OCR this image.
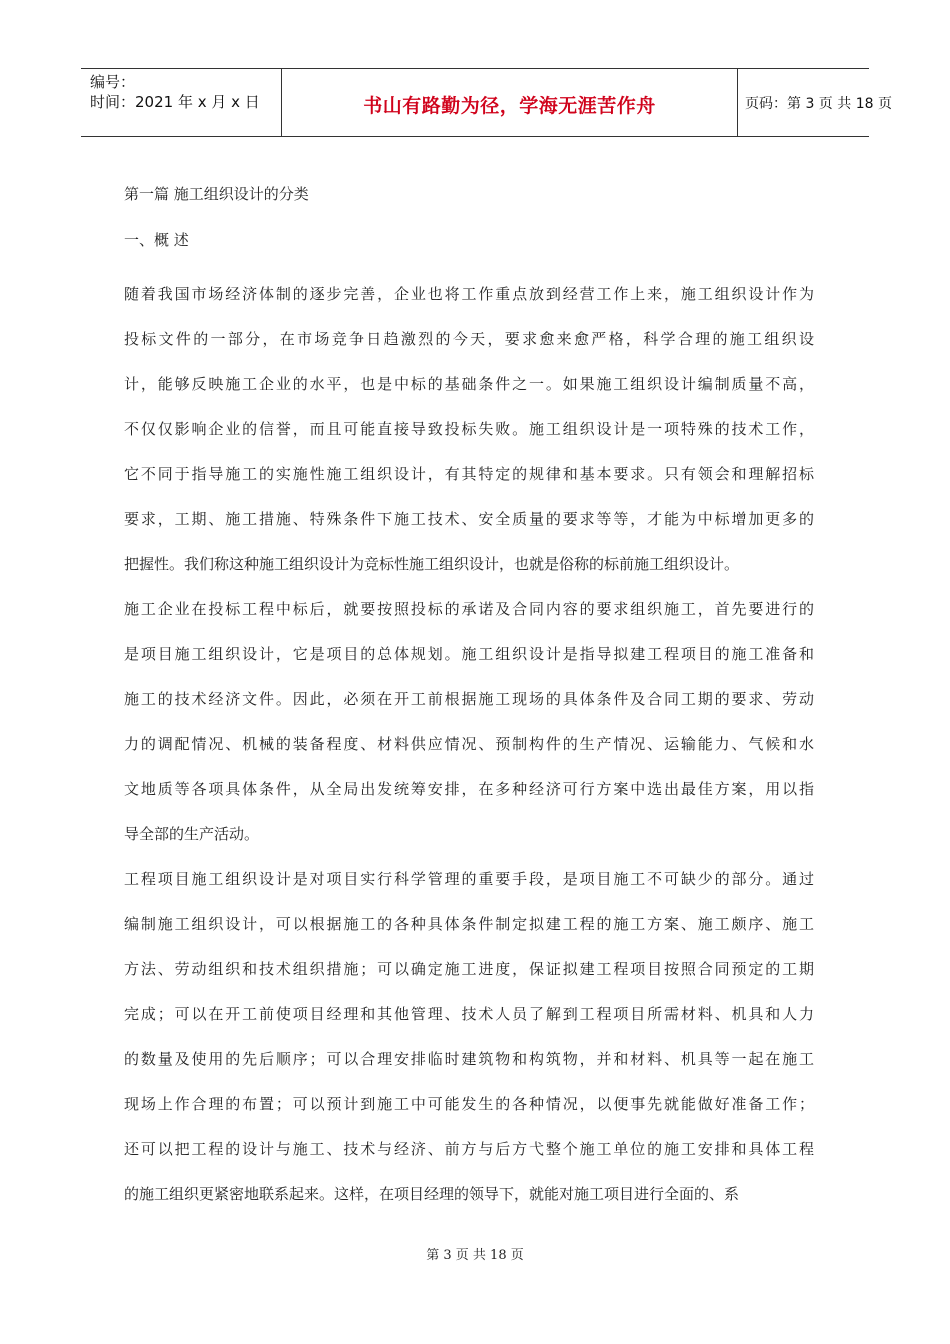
编号：
时间：2021 年 x 月 x 日	书山有路勤为径，学海无涯苦作舟	页码：第 3 页 共 18 页
第一篇 施工组织设计的分类
一、概 述
随着我国市场经济体制的逐步完善，企业也将工作重点放到经营工作上来，施工组织设计作为
投标文件的一部分，在市场竞争日趋激烈的今天，要求愈来愈严格，科学合理的施工组织设
计，能够反映施工企业的水平，也是中标的基础条件之一。如果施工组织设计编制质量不高，
不仅仅影响企业的信誉，而且可能直接导致投标失败。施工组织设计是一项特殊的技术工作，
它不同于指导施工的实施性施工组织设计，有其特定的规律和基本要求。只有领会和理解招标
要求，工期、施工措施、特殊条件下施工技术、安全质量的要求等等，才能为中标增加更多的
把握性。我们称这种施工组织设计为竞标性施工组织设计，也就是俗称的标前施工组织设计。
施工企业在投标工程中标后，就要按照投标的承诺及合同内容的要求组织施工，首先要进行的
是项目施工组织设计，它是项目的总体规划。施工组织设计是指导拟建工程项目的施工准备和
施工的技术经济文件。因此，必须在开工前根据施工现场的具体条件及合同工期的要求、劳动
力的调配情况、机械的装备程度、材料供应情况、预制构件的生产情况、运输能力、气候和水
文地质等各项具体条件，从全局出发统筹安排，在多种经济可行方案中选出最佳方案，用以指
导全部的生产活动。
工程项目施工组织设计是对项目实行科学管理的重要手段，是项目施工不可缺少的部分。通过
编制施工组织设计，可以根据施工的各种具体条件制定拟建工程的施工方案、施工颇序、施工
方法、劳动组织和技术组织措施；可以确定施工进度，保证拟建工程项目按照合同预定的工期
完成；可以在开工前使项目经理和其他管理、技术人员了解到工程项目所需材料、机具和人力
的数量及使用的先后顺序；可以合理安排临时建筑物和构筑物，并和材料、机具等一起在施工
现场上作合理的布置；可以预计到施工中可能发生的各种情况，以便事先就能做好准备工作；
还可以把工程的设计与施工、技术与经济、前方与后方弋整个施工单位的施工安排和具体工程
的施工组织更紧密地联系起来。这样，在项目经理的领导下，就能对施工项目进行全面的、系
第 3 页 共 18 页
